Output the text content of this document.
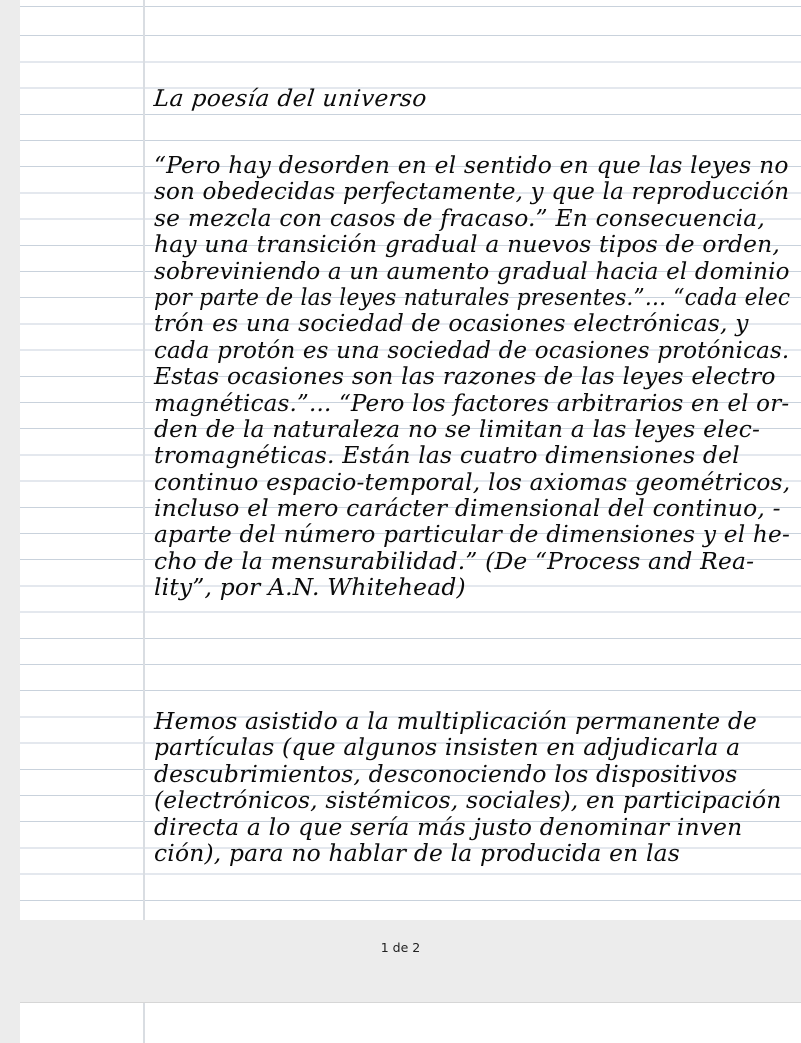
La poesía del universo
“Pero hay desorden en el sentido en que las leyes no
son obedecidas perfectamente, y que la reproducción
se mezcla con casos de fracaso.” En consecuencia,
hay una transición gradual a nuevos tipos de orden,
sobreviniendo a un aumento gradual hacia el dominio
por parte de las leyes naturales presentes.”... “cada elec
trón es una sociedad de ocasiones electrónicas, y
cada protón es una sociedad de ocasiones protónicas.
Estas ocasiones son las razones de las leyes electro
magnéticas.”... “Pero los factores arbitrarios en el or-
den de la naturaleza no se limitan a las leyes elec-
tromagnéticas. Están las cuatro dimensiones del
continuo espacio-temporal, los axiomas geométricos,
incluso el mero carácter dimensional del continuo, -
aparte del número particular de dimensiones y el he-
cho de la mensurabilidad.” (De “Process and Rea-
lity”, por A.N. Whitehead)
Hemos asistido a la multiplicación permanente de
partículas (que algunos insisten en adjudicarla a
descubrimientos, desconociendo los dispositivos
(electrónicos, sistémicos, sociales), en participación
directa a lo que sería más justo denominar inven
ción), para no hablar de la producida en las
1 de 2
